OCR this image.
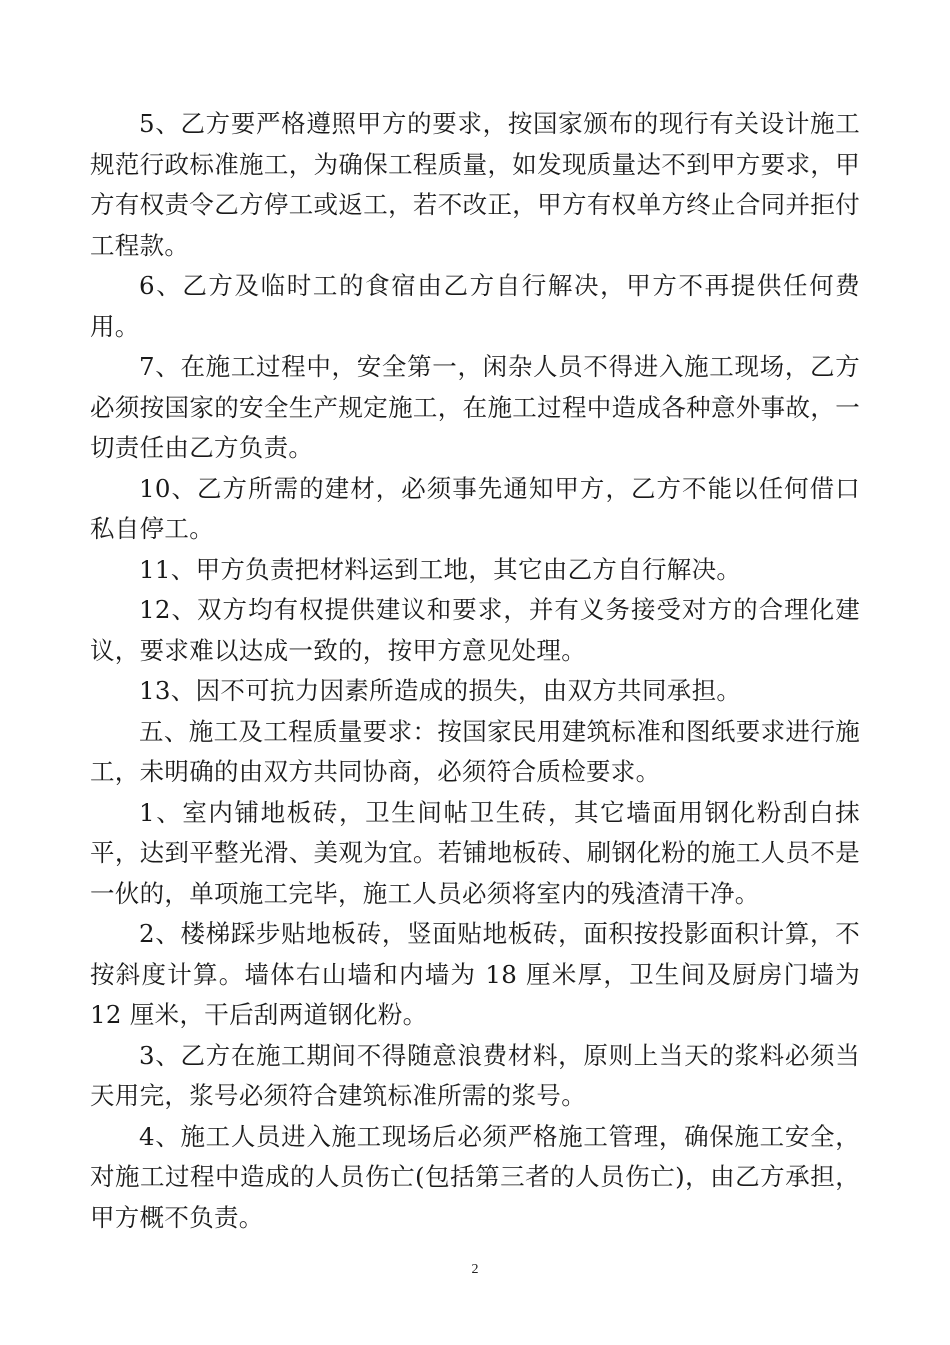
5、乙方要严格遵照甲方的要求，按国家颁布的现行有关设计施工规范行政标准施工，为确保工程质量，如发现质量达不到甲方要求，甲方有权责令乙方停工或返工，若不改正，甲方有权单方终止合同并拒付工程款。

6、乙方及临时工的食宿由乙方自行解决，甲方不再提供任何费用。

7、在施工过程中，安全第一，闲杂人员不得进入施工现场，乙方必须按国家的安全生产规定施工，在施工过程中造成各种意外事故，一切责任由乙方负责。

10、乙方所需的建材，必须事先通知甲方，乙方不能以任何借口私自停工。

11、甲方负责把材料运到工地，其它由乙方自行解决。

12、双方均有权提供建议和要求，并有义务接受对方的合理化建议，要求难以达成一致的，按甲方意见处理。

13、因不可抗力因素所造成的损失，由双方共同承担。

五、施工及工程质量要求：按国家民用建筑标准和图纸要求进行施工，未明确的由双方共同协商，必须符合质检要求。

1、室内铺地板砖，卫生间帖卫生砖，其它墙面用钢化粉刮白抹平，达到平整光滑、美观为宜。若铺地板砖、刷钢化粉的施工人员不是一伙的，单项施工完毕，施工人员必须将室内的残渣清干净。

2、楼梯踩步贴地板砖，竖面贴地板砖，面积按投影面积计算，不按斜度计算。墙体右山墙和内墙为 18 厘米厚，卫生间及厨房门墙为12 厘米，干后刮两道钢化粉。

3、乙方在施工期间不得随意浪费材料，原则上当天的浆料必须当天用完，浆号必须符合建筑标准所需的浆号。

4、施工人员进入施工现场后必须严格施工管理，确保施工安全，对施工过程中造成的人员伤亡(包括第三者的人员伤亡)，由乙方承担，甲方概不负责。

2
